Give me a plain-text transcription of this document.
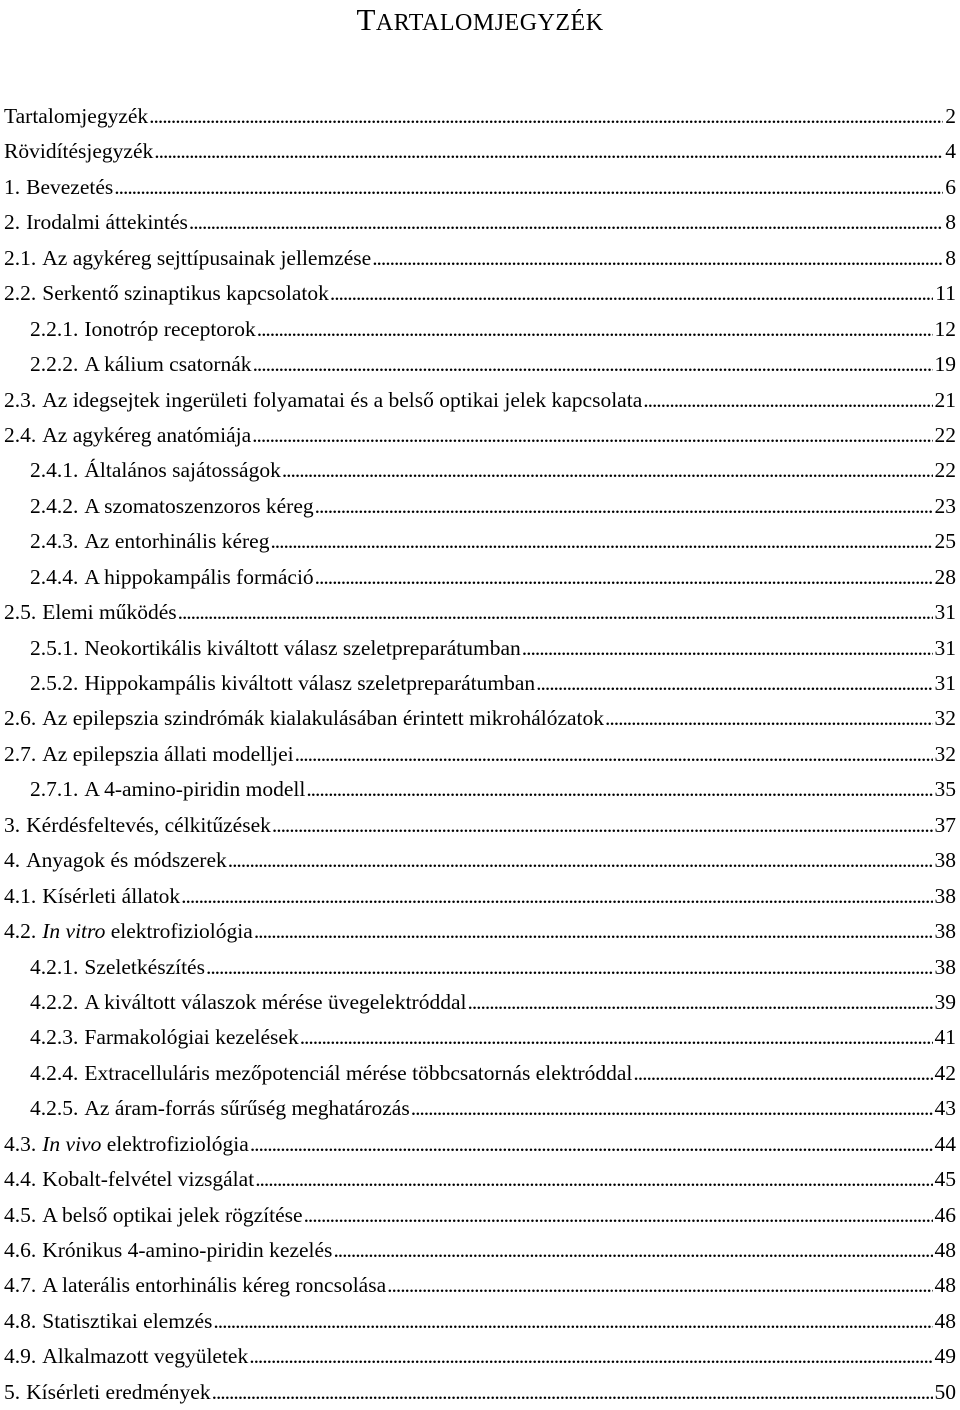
TARTALOMJEGYZÉK
Tartalomjegyzék . . .	2
Rövidítésjegyzék . . .	4
1. Bevezetés . . .	6
2. Irodalmi áttekintés . . .	8
2.1. Az agykéreg sejttípusainak jellemzése . . .	8
2.2. Serkentő szinaptikus kapcsolatok . . .	11
2.2.1. Ionotróp receptorok . . .	12
2.2.2. A kálium csatornák . . .	19
2.3. Az idegsejtek ingerületi folyamatai és a belső optikai jelek kapcsolata . . .	21
2.4. Az agykéreg anatómiája . . .	22
2.4.1. Általános sajátosságok . . .	22
2.4.2. A szomatoszenzoros kéreg . . .	23
2.4.3. Az entorhinális kéreg . . .	25
2.4.4. A hippokampális formáció . . .	28
2.5. Elemi működés . . .	31
2.5.1. Neokortikális kiváltott válasz szeletpreparátumban . . .	31
2.5.2. Hippokampális kiváltott válasz szeletpreparátumban . . .	31
2.6. Az epilepszia szindrómák kialakulásában érintett mikrohálózatok . . .	32
2.7. Az epilepszia állati modelljei . . .	32
2.7.1. A 4-amino-piridin modell . . .	35
3. Kérdésfeltevés, célkitűzések . . .	37
4. Anyagok és módszerek . . .	38
4.1. Kísérleti állatok . . .	38
4.2. In vitro elektrofiziológia . . .	38
4.2.1. Szeletkészítés . . .	38
4.2.2. A kiváltott válaszok mérése üvegelektróddal . . .	39
4.2.3. Farmakológiai kezelések . . .	41
4.2.4. Extracelluláris mezőpotenciál mérése többcsatornás elektróddal . . .	42
4.2.5. Az áram-forrás sűrűség meghatározás . . .	43
4.3. In vivo elektrofiziológia . . .	44
4.4. Kobalt-felvétel vizsgálat . . .	45
4.5. A belső optikai jelek rögzítése . . .	46
4.6. Krónikus 4-amino-piridin kezelés . . .	48
4.7. A laterális entorhinális kéreg roncsolása . . .	48
4.8. Statisztikai elemzés . . .	48
4.9. Alkalmazott vegyületek . . .	49
5. Kísérleti eredmények . . .	50
